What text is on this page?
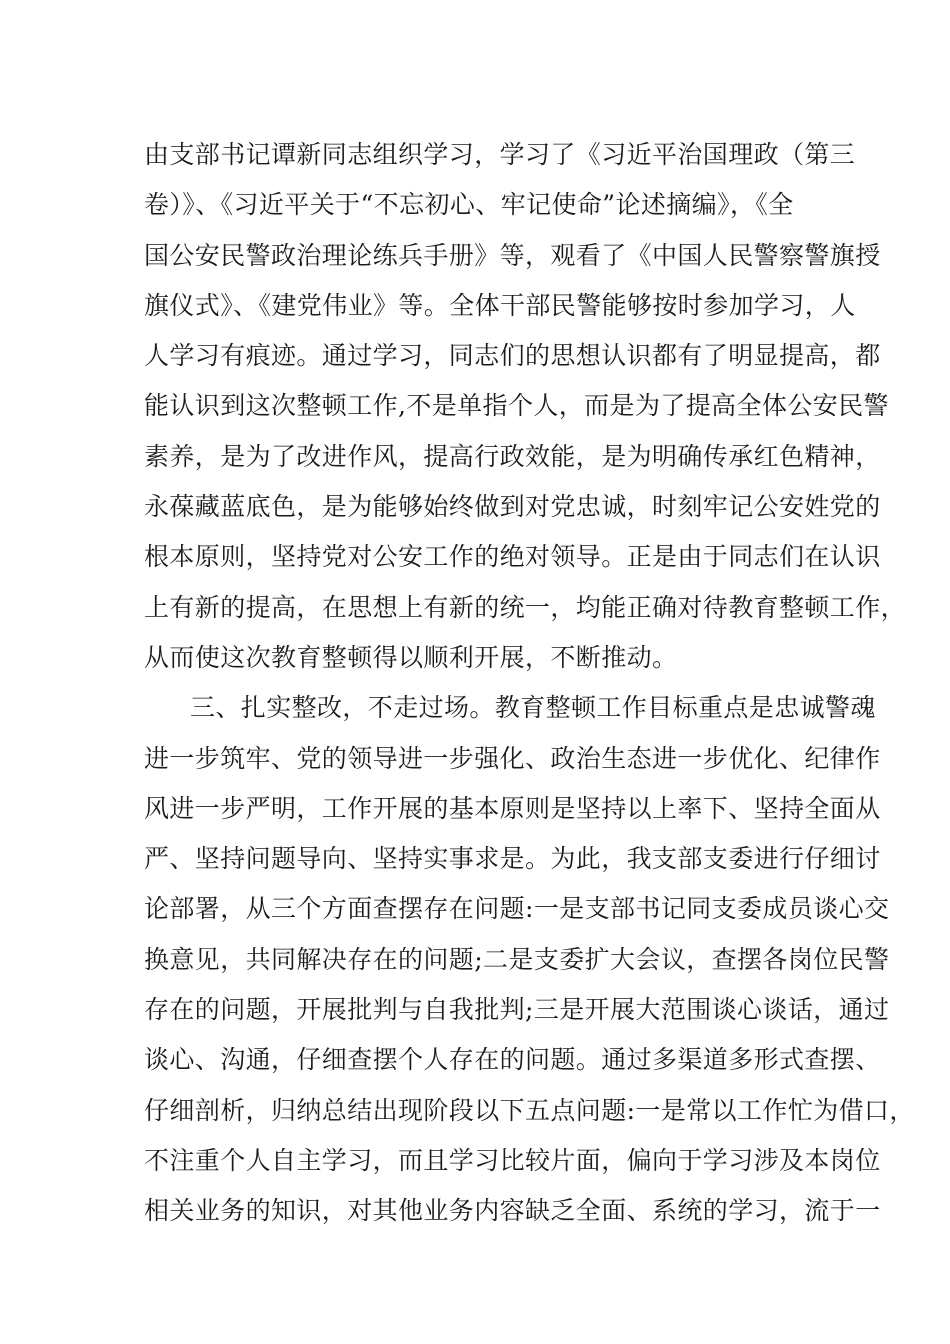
由支部书记谭新同志组织学习，学习了《习近平治国理政（第三
卷）》、《习近平关于“不忘初心、牢记使命”论述摘编》，《全
国公安民警政治理论练兵手册》等，观看了《中国人民警察警旗授
旗仪式》、《建党伟业》等。全体干部民警能够按时参加学习，人
人学习有痕迹。通过学习，同志们的思想认识都有了明显提高，都
能认识到这次整顿工作,不是单指个人，而是为了提高全体公安民警
素养，是为了改进作风，提高行政效能，是为明确传承红色精神，
永葆藏蓝底色，是为能够始终做到对党忠诚，时刻牢记公安姓党的
根本原则，坚持党对公安工作的绝对领导。正是由于同志们在认识
上有新的提高，在思想上有新的统一，均能正确对待教育整顿工作，
从而使这次教育整顿得以顺利开展，不断推动。
三、扎实整改，不走过场。教育整顿工作目标重点是忠诚警魂
进一步筑牢、党的领导进一步强化、政治生态进一步优化、纪律作
风进一步严明，工作开展的基本原则是坚持以上率下、坚持全面从
严、坚持问题导向、坚持实事求是。为此，我支部支委进行仔细讨
论部署，从三个方面查摆存在问题:一是支部书记同支委成员谈心交
换意见，共同解决存在的问题;二是支委扩大会议，查摆各岗位民警
存在的问题，开展批判与自我批判;三是开展大范围谈心谈话，通过
谈心、沟通，仔细查摆个人存在的问题。通过多渠道多形式查摆、
仔细剖析，归纳总结出现阶段以下五点问题:一是常以工作忙为借口，
不注重个人自主学习，而且学习比较片面，偏向于学习涉及本岗位
相关业务的知识，对其他业务内容缺乏全面、系统的学习，流于一
